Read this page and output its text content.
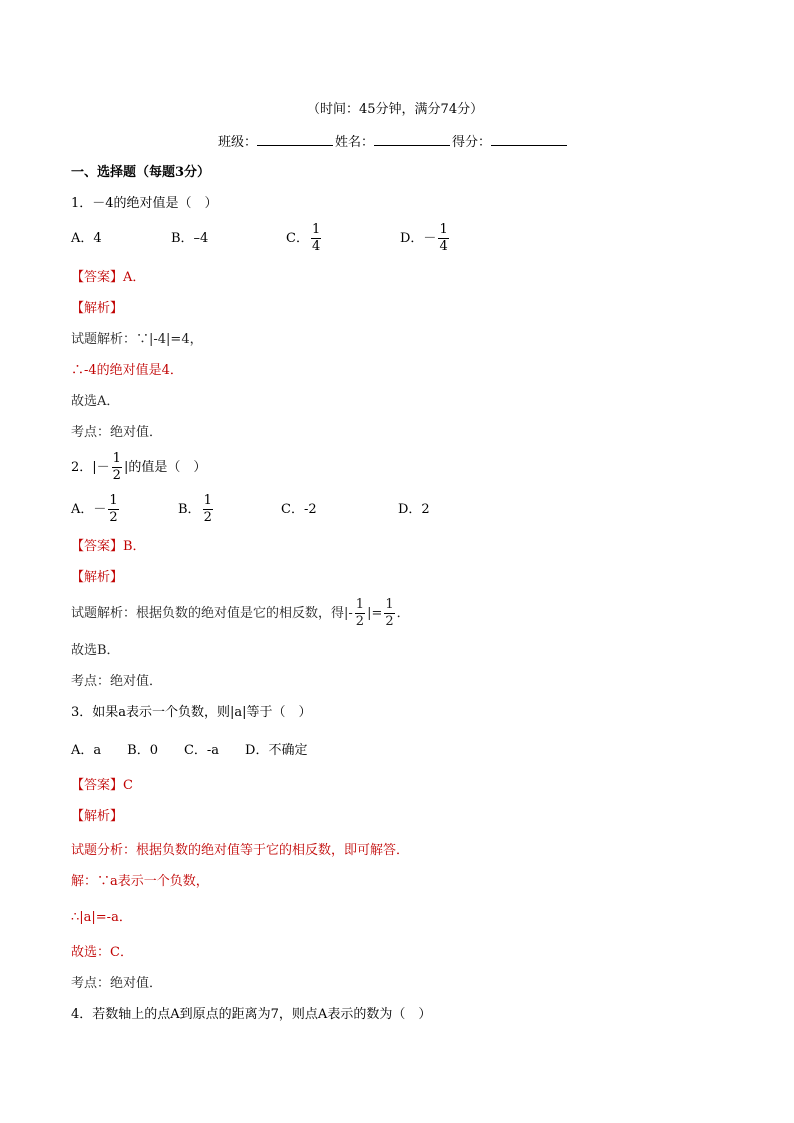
（时间：45分钟，满分74分）
班级：	姓名：	得分：
一、选择题（每题3分）
1．－4的绝对值是（　）
A．4	B．–4	C． $\frac{1}{4}$	D．－ $\frac{1}{4}$
【答案】A．
【解析】
试题解析：∵|-4|=4，
∴-4的绝对值是4．
故选A．
考点：绝对值．
2．|－ $\frac{1}{2}$ |的值是（　）
A．－ $\frac{1}{2}$	B． $\frac{1}{2}$	C．-2	D．2
【答案】B．
【解析】
试题解析：根据负数的绝对值是它的相反数，得|- $\frac{1}{2}$ |= $\frac{1}{2}$ ．
故选B．
考点：绝对值．
3．如果a表示一个负数，则|a|等于（　）
A．a　　B．0　　C．-a　　D．不确定
【答案】C
【解析】
试题分析：根据负数的绝对值等于它的相反数，即可解答．
解：∵a表示一个负数，
∴|a|=-a．
故选：C．
考点：绝对值．
4．若数轴上的点A到原点的距离为7，则点A表示的数为（　）
